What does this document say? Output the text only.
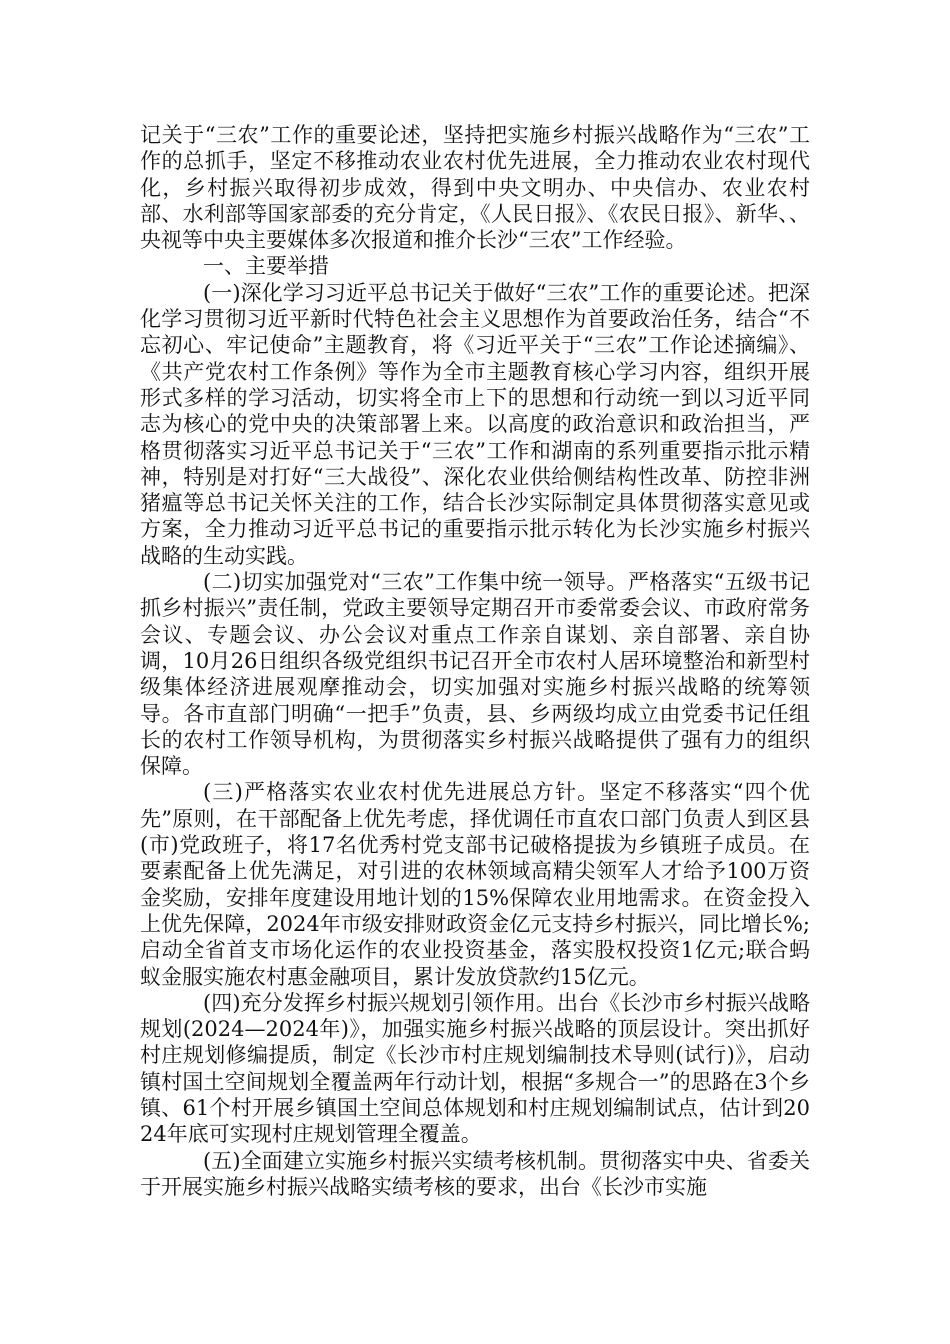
记关于“三农”工作的重要论述，坚持把实施乡村振兴战略作为“三农”工作的总抓手，坚定不移推动农业农村优先进展，全力推动农业农村现代化，乡村振兴取得初步成效，得到中央文明办、中央信办、农业农村部、水利部等国家部委的充分肯定，《人民日报》、《农民日报》、新华、、央视等中央主要媒体多次报道和推介长沙“三农”工作经验。

一、主要举措

(一)深化学习习近平总书记关于做好“三农”工作的重要论述。把深化学习贯彻习近平新时代特色社会主义思想作为首要政治任务，结合“不忘初心、牢记使命”主题教育，将《习近平关于“三农”工作论述摘编》、《共产党农村工作条例》等作为全市主题教育核心学习内容，组织开展形式多样的学习活动，切实将全市上下的思想和行动统一到以习近平同志为核心的党中央的决策部署上来。以高度的政治意识和政治担当，严格贯彻落实习近平总书记关于“三农”工作和湖南的系列重要指示批示精神，特别是对打好“三大战役”、深化农业供给侧结构性改革、防控非洲猪瘟等总书记关怀关注的工作，结合长沙实际制定具体贯彻落实意见或方案，全力推动习近平总书记的重要指示批示转化为长沙实施乡村振兴战略的生动实践。

(二)切实加强党对“三农”工作集中统一领导。严格落实“五级书记抓乡村振兴”责任制，党政主要领导定期召开市委常委会议、市政府常务会议、专题会议、办公会议对重点工作亲自谋划、亲自部署、亲自协调，10月26日组织各级党组织书记召开全市农村人居环境整治和新型村级集体经济进展观摩推动会，切实加强对实施乡村振兴战略的统筹领导。各市直部门明确“一把手”负责，县、乡两级均成立由党委书记任组长的农村工作领导机构，为贯彻落实乡村振兴战略提供了强有力的组织保障。

(三)严格落实农业农村优先进展总方针。坚定不移落实“四个优先”原则，在干部配备上优先考虑，择优调任市直农口部门负责人到区县(市)党政班子，将17名优秀村党支部书记破格提拔为乡镇班子成员。在要素配备上优先满足，对引进的农林领域高精尖领军人才给予100万资金奖励，安排年度建设用地计划的15%保障农业用地需求。在资金投入上优先保障，2024年市级安排财政资金亿元支持乡村振兴，同比增长%;启动全省首支市场化运作的农业投资基金，落实股权投资1亿元;联合蚂蚁金服实施农村惠金融项目，累计发放贷款约15亿元。

(四)充分发挥乡村振兴规划引领作用。出台《长沙市乡村振兴战略规划(2024—2024年)》，加强实施乡村振兴战略的顶层设计。突出抓好村庄规划修编提质，制定《长沙市村庄规划编制技术导则(试行)》，启动镇村国土空间规划全覆盖两年行动计划，根据“多规合一”的思路在3个乡镇、61个村开展乡镇国土空间总体规划和村庄规划编制试点，估计到2024年底可实现村庄规划管理全覆盖。

(五)全面建立实施乡村振兴实绩考核机制。贯彻落实中央、省委关于开展实施乡村振兴战略实绩考核的要求，出台《长沙市实施
